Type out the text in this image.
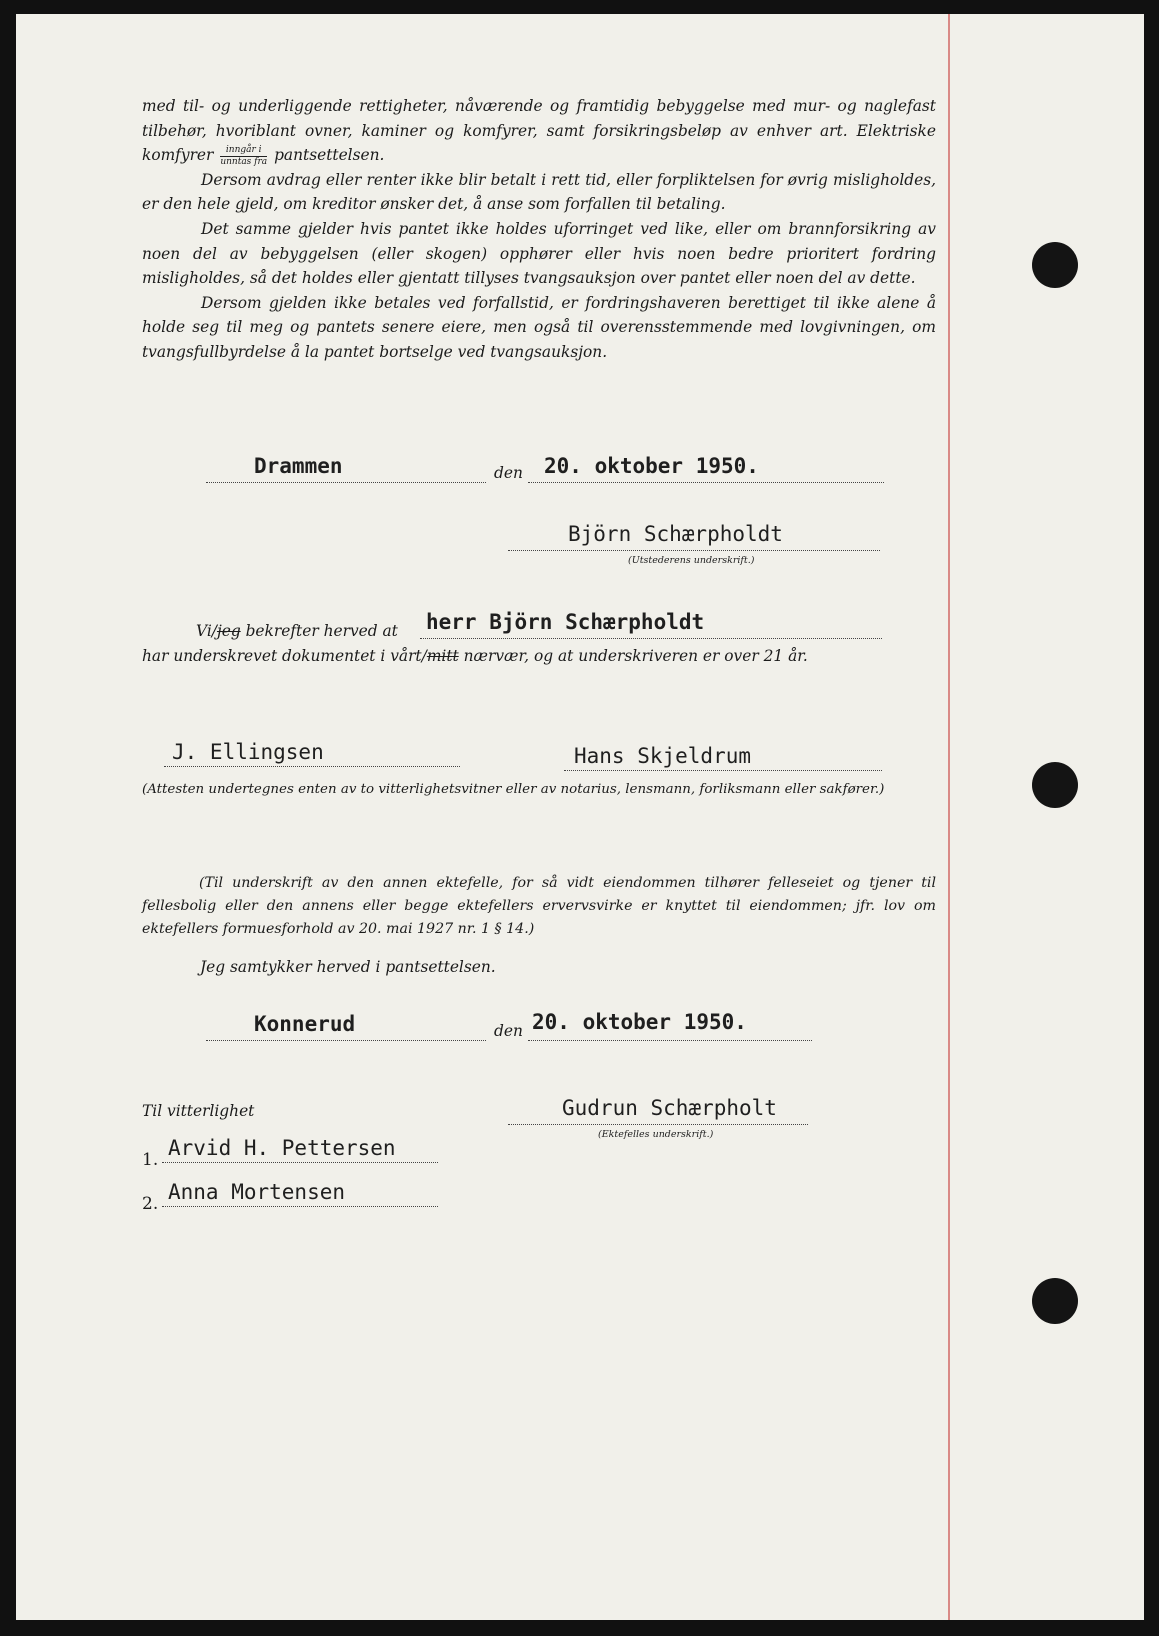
med til- og underliggende rettigheter, nåværende og framtidig bebyggelse med mur- og naglefast tilbehør, hvoriblant ovner, kaminer og komfyrer, samt forsikringsbeløp av enhver art. Elektriske komfyrer $\frac{\text{inngår i}}{\text{unntas fra}}$ pantsettelsen.

Dersom avdrag eller renter ikke blir betalt i rett tid, eller forpliktelsen for øvrig misligholdes, er den hele gjeld, om kreditor ønsker det, å anse som forfallen til betaling.

Det samme gjelder hvis pantet ikke holdes uforringet ved like, eller om brannforsikring av noen del av bebyggelsen (eller skogen) opphører eller hvis noen bedre prioritert fordring misligholdes, så det holdes eller gjentatt tillyses tvangsauksjon over pantet eller noen del av dette.

Dersom gjelden ikke betales ved forfallstid, er fordringshaveren berettiget til ikke alene å holde seg til meg og pantets senere eiere, men også til overensstemmende med lovgivningen, om tvangsfullbyrdelse å la pantet bortselge ved tvangsauksjon.

Drammen	den 20. oktober 1950.
Björn Schærpholdt
(Utstederens underskrift.)
Vi/jeg bekrefter herved at herr Björn Schærpholdt
har underskrevet dokumentet i vårt/mitt nærvær, og at underskriveren er over 21 år.
J. Ellingsen	Hans Skjeldrum
(Attesten undertegnes enten av to vitterlighetsvitner eller av notarius, lensmann, forliksmann eller sakfører.)
(Til underskrift av den annen ektefelle, for så vidt eiendommen tilhører felleseiet og tjener til fellesbolig eller den annens eller begge ektefellers ervervsvirke er knyttet til eiendommen; jfr. lov om ektefellers formuesforhold av 20. mai 1927 nr. 1 § 14.)
Jeg samtykker herved i pantsettelsen.
Konnerud	den 20. oktober 1950.
Til vitterlighet	Gudrun Schærpholt
(Ektefelles underskrift.)
1. Arvid H. Pettersen
2. Anna Mortensen
